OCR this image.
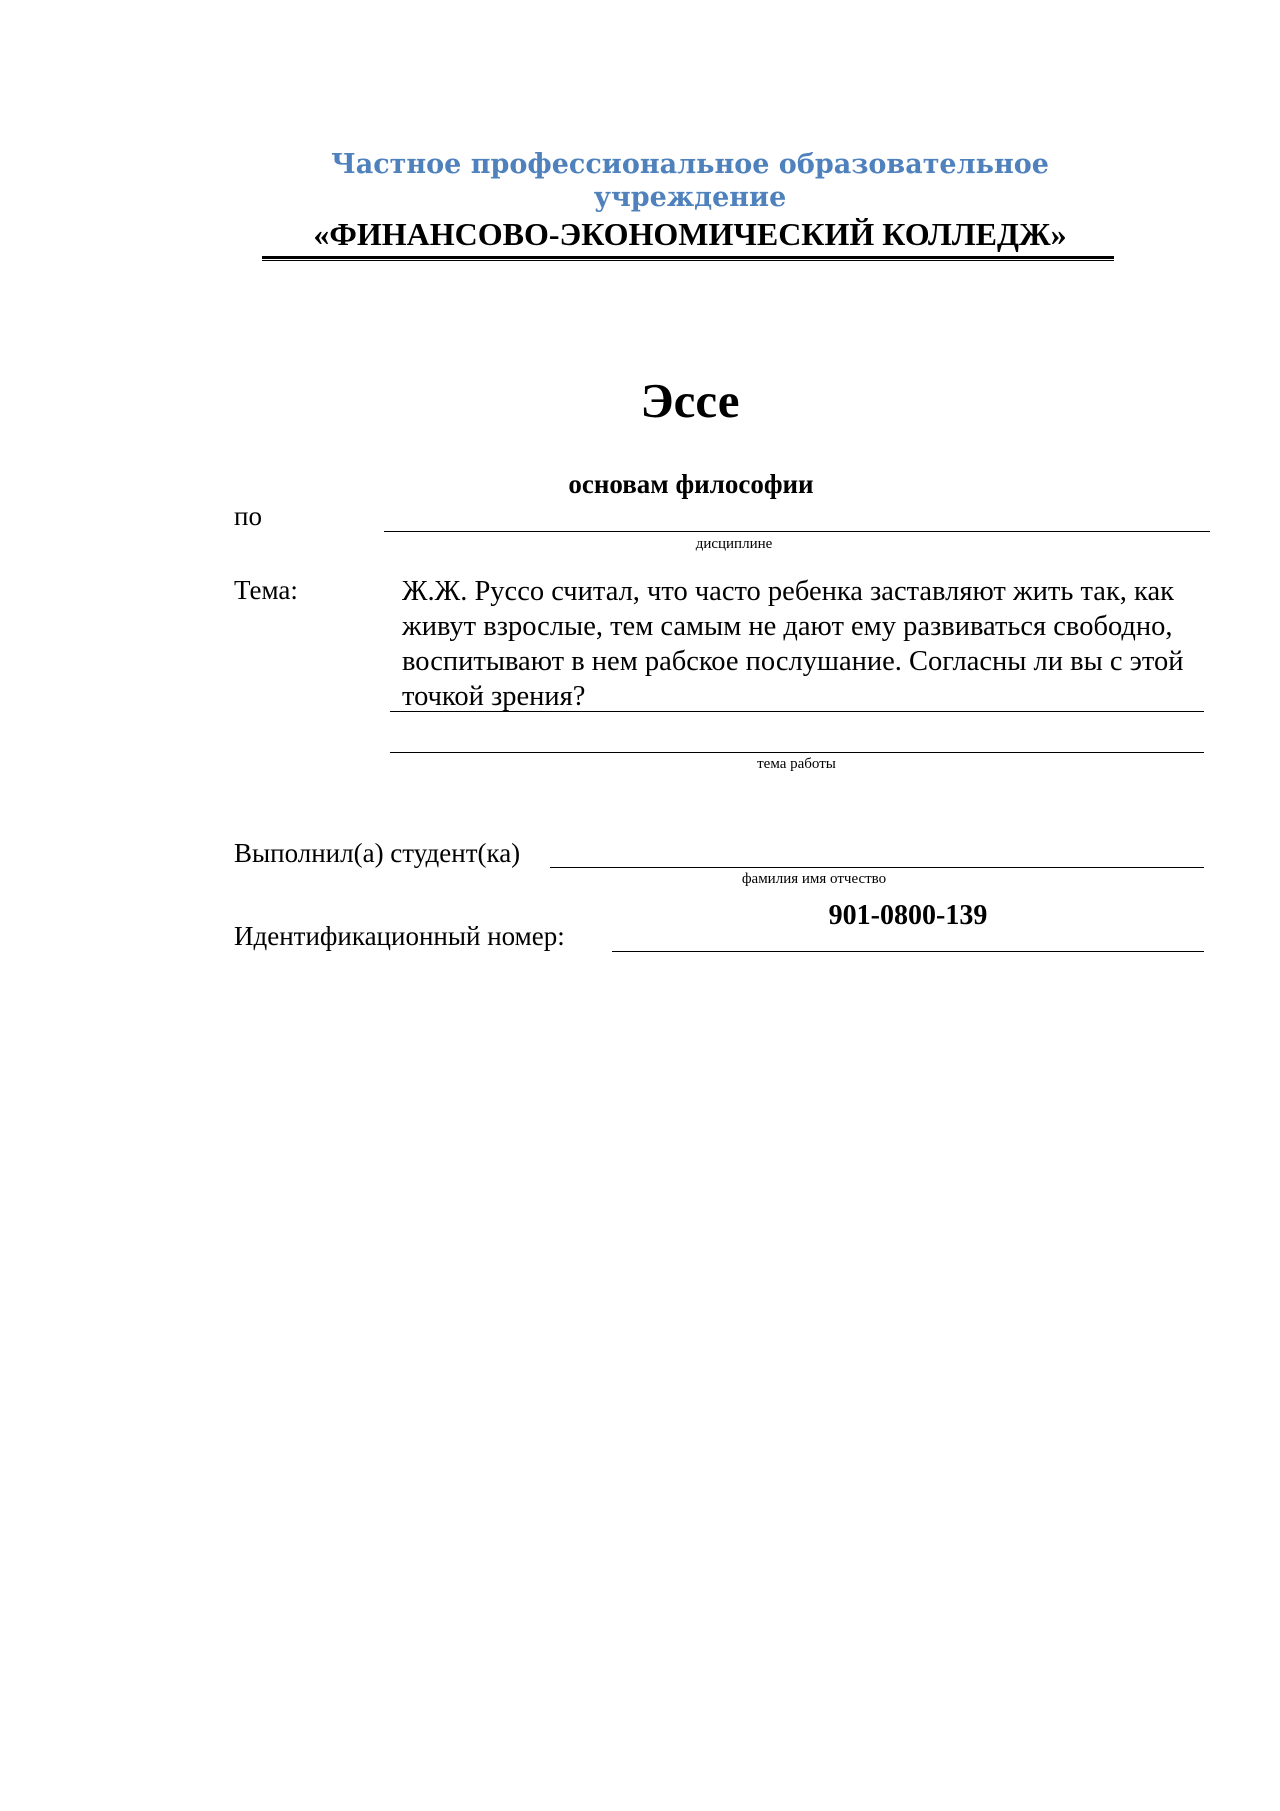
Частное профессиональное образовательное учреждение
«ФИНАНСОВО-ЭКОНОМИЧЕСКИЙ КОЛЛЕДЖ»
Эссе
по
основам философии
дисциплине
Тема:	Ж.Ж. Руссо считал, что часто ребенка заставляют жить так, как живут взрослые, тем самым не дают ему развиваться свободно, воспитывают в нем рабское послушание. Согласны ли вы с этой точкой зрения?
тема работы
Выполнил(а) студент(ка)
фамилия имя отчество
Идентификационный номер:
901-0800-139
